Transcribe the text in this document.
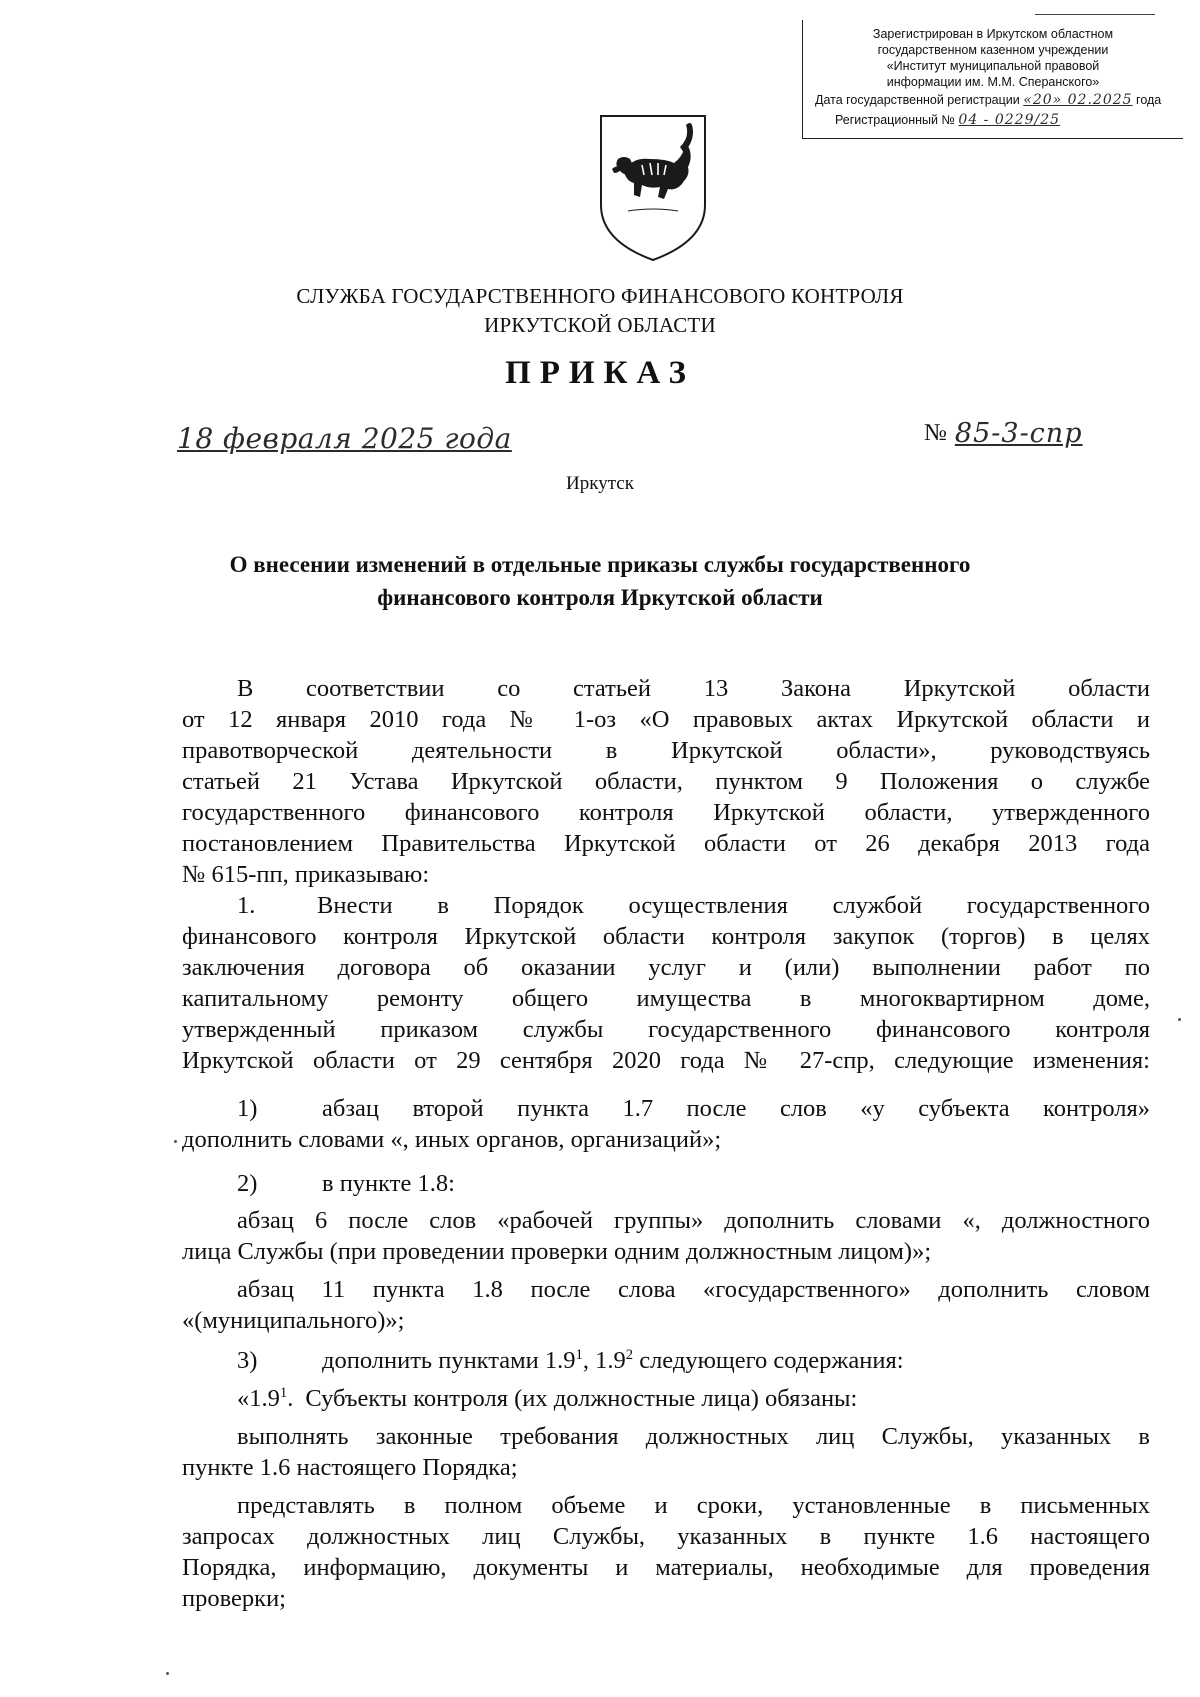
Зарегистрирован в Иркутском областном
государственном казенном учреждении
«Институт муниципальной правовой
информации им. М.М. Сперанского»
Дата государственной регистрации «20» 02.2025 года
Регистрационный № 04 - 0229/25
СЛУЖБА ГОСУДАРСТВЕННОГО ФИНАНСОВОГО КОНТРОЛЯ
ИРКУТСКОЙ ОБЛАСТИ
ПРИКАЗ
18 февраля 2025 года	№ 85-3-спр
Иркутск
О внесении изменений в отдельные приказы службы государственного
финансового контроля Иркутской области

В соответствии со статьей 13 Закона Иркутской области

от 12 января 2010 года № 1-оз «О правовых актах Иркутской области и

правотворческой деятельности в Иркутской области», руководствуясь

статьей 21 Устава Иркутской области, пунктом 9 Положения о службе

государственного финансового контроля Иркутской области, утвержденного

постановлением Правительства Иркутской области от 26 декабря 2013 года

№ 615-пп, приказываю:

1.	Внести в Порядок осуществления службой государственного

финансового контроля Иркутской области контроля закупок (торгов) в целях

заключения договора об оказании услуг и (или) выполнении работ по

капитальному ремонту общего имущества в многоквартирном доме,

утвержденный приказом службы государственного финансового контроля

Иркутской области от 29 сентября 2020 года № 27-спр, следующие изменения:

1)	абзац второй пункта 1.7 после слов «у субъекта контроля»

дополнить словами «, иных органов, организаций»;

2)	в пункте 1.8:

абзац 6 после слов «рабочей группы» дополнить словами «, должностного

лица Службы (при проведении проверки одним должностным лицом)»;

абзац 11 пункта 1.8 после слова «государственного» дополнить словом

«(муниципального)»;

3)	дополнить пунктами $1.9^1$, $1.9^2$ следующего содержания:

«$1.9^1$. Субъекты контроля (их должностные лица) обязаны:

выполнять законные требования должностных лиц Службы, указанных в

пункте 1.6 настоящего Порядка;

представлять в полном объеме и сроки, установленные в письменных

запросах должностных лиц Службы, указанных в пункте 1.6 настоящего

Порядка, информацию, документы и материалы, необходимые для проведения

проверки;
